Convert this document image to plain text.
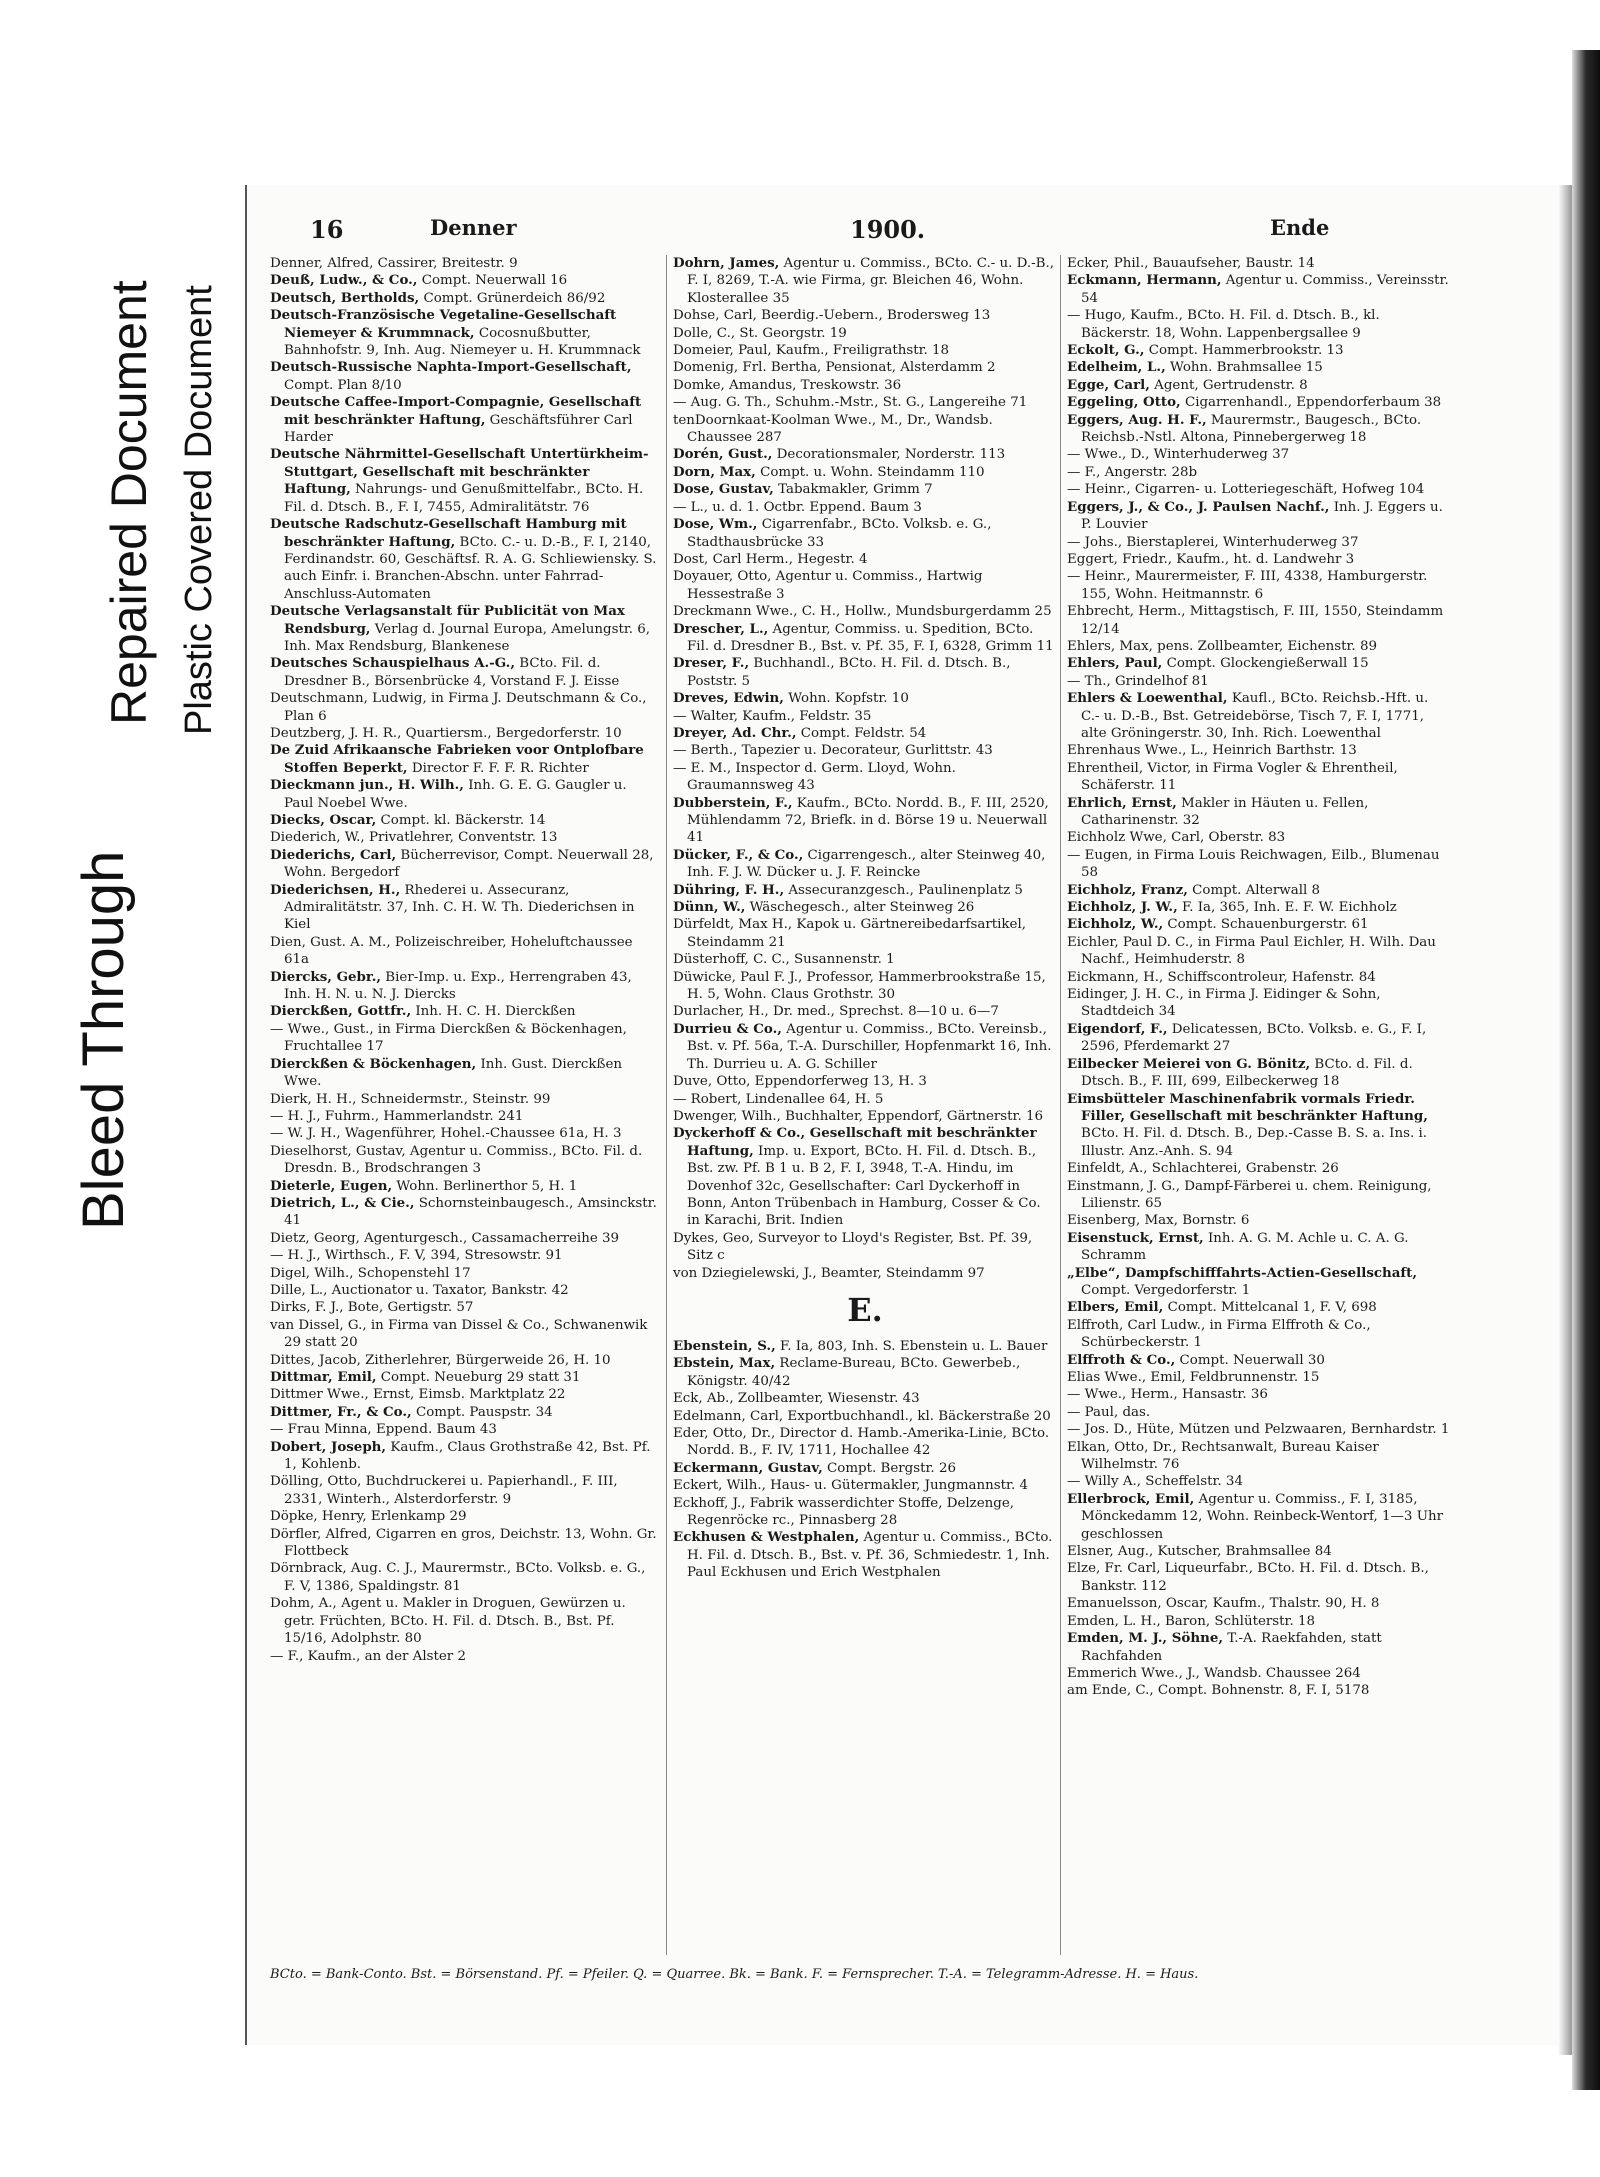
Bleed Through
Repaired Document Plastic Covered Document
16	Denner	1900.	Ende

Denner, Alfred, Cassirer, Breitestr. 9

Deuß, Ludw., & Co., Compt. Neuerwall 16

Deutsch, Bertholds, Compt. Grünerdeich 86/92

Deutsch-Französische Vegetaline-Gesellschaft Niemeyer & Krummnack, Cocosnußbutter, Bahnhofstr. 9, Inh. Aug. Niemeyer u. H. Krummnack

Deutsch-Russische Naphta-Import-Gesellschaft, Compt. Plan 8/10

Deutsche Caffee-Import-Compagnie, Gesellschaft mit beschränkter Haftung, Geschäftsführer Carl Harder

Deutsche Nährmittel-Gesellschaft Untertürkheim-Stuttgart, Gesellschaft mit beschränkter Haftung, Nahrungs- und Genußmittelfabr., BCto. H. Fil. d. Dtsch. B., F. I, 7455, Admiralitätstr. 76

Deutsche Radschutz-Gesellschaft Hamburg mit beschränkter Haftung, BCto. C.- u. D.-B., F. I, 2140, Ferdinandstr. 60, Geschäftsf. R. A. G. Schliewiensky. S. auch Einfr. i. Branchen-Abschn. unter Fahrrad-Anschluss-Automaten

Deutsche Verlagsanstalt für Publicität von Max Rendsburg, Verlag d. Journal Europa, Amelungstr. 6, Inh. Max Rendsburg, Blankenese

Deutsches Schauspielhaus A.-G., BCto. Fil. d. Dresdner B., Börsenbrücke 4, Vorstand F. J. Eisse

Deutschmann, Ludwig, in Firma J. Deutschmann & Co., Plan 6

Deutzberg, J. H. R., Quartiersm., Bergedorferstr. 10

De Zuid Afrikaansche Fabrieken voor Ontplofbare Stoffen Beperkt, Director F. F. F. R. Richter

Dieckmann jun., H. Wilh., Inh. G. E. G. Gaugler u. Paul Noebel Wwe.

Diecks, Oscar, Compt. kl. Bäckerstr. 14

Diederich, W., Privatlehrer, Conventstr. 13

Diederichs, Carl, Bücherrevisor, Compt. Neuerwall 28, Wohn. Bergedorf

Diederichsen, H., Rhederei u. Assecuranz, Admiralitätstr. 37, Inh. C. H. W. Th. Diederichsen in Kiel

Dien, Gust. A. M., Polizeischreiber, Hoheluftchaussee 61a

Diercks, Gebr., Bier-Imp. u. Exp., Herrengraben 43, Inh. H. N. u. N. J. Diercks

Dierckßen, Gottfr., Inh. H. C. H. Dierckßen

— Wwe., Gust., in Firma Dierckßen & Böckenhagen, Fruchtallee 17

Dierckßen & Böckenhagen, Inh. Gust. Dierckßen Wwe.

Dierk, H. H., Schneidermstr., Steinstr. 99

— H. J., Fuhrm., Hammerlandstr. 241

— W. J. H., Wagenführer, Hohel.-Chaussee 61a, H. 3

Dieselhorst, Gustav, Agentur u. Commiss., BCto. Fil. d. Dresdn. B., Brodschrangen 3

Dieterle, Eugen, Wohn. Berlinerthor 5, H. 1

Dietrich, L., & Cie., Schornsteinbaugesch., Amsinckstr. 41

Dietz, Georg, Agenturgesch., Cassamacherreihe 39

— H. J., Wirthsch., F. V, 394, Stresowstr. 91

Digel, Wilh., Schopenstehl 17

Dille, L., Auctionator u. Taxator, Bankstr. 42

Dirks, F. J., Bote, Gertigstr. 57

van Dissel, G., in Firma van Dissel & Co., Schwanenwik 29 statt 20

Dittes, Jacob, Zitherlehrer, Bürgerweide 26, H. 10

Dittmar, Emil, Compt. Neueburg 29 statt 31

Dittmer Wwe., Ernst, Eimsb. Marktplatz 22

Dittmer, Fr., & Co., Compt. Pauspstr. 34

— Frau Minna, Eppend. Baum 43

Dobert, Joseph, Kaufm., Claus Grothstraße 42, Bst. Pf. 1, Kohlenb.

Dölling, Otto, Buchdruckerei u. Papierhandl., F. III, 2331, Winterh., Alsterdorferstr. 9

Döpke, Henry, Erlenkamp 29

Dörfler, Alfred, Cigarren en gros, Deichstr. 13, Wohn. Gr. Flottbeck

Dörnbrack, Aug. C. J., Maurermstr., BCto. Volksb. e. G., F. V, 1386, Spaldingstr. 81

Dohm, A., Agent u. Makler in Droguen, Gewürzen u. getr. Früchten, BCto. H. Fil. d. Dtsch. B., Bst. Pf. 15/16, Adolphstr. 80

— F., Kaufm., an der Alster 2

Dohrn, James, Agentur u. Commiss., BCto. C.- u. D.-B., F. I, 8269, T.-A. wie Firma, gr. Bleichen 46, Wohn. Klosterallee 35

Dohse, Carl, Beerdig.-Uebern., Brodersweg 13

Dolle, C., St. Georgstr. 19

Domeier, Paul, Kaufm., Freiligrathstr. 18

Domenig, Frl. Bertha, Pensionat, Alsterdamm 2

Domke, Amandus, Treskowstr. 36

— Aug. G. Th., Schuhm.-Mstr., St. G., Langereihe 71

tenDoornkaat-Koolman Wwe., M., Dr., Wandsb. Chaussee 287

Dorén, Gust., Decorationsmaler, Norderstr. 113

Dorn, Max, Compt. u. Wohn. Steindamm 110

Dose, Gustav, Tabakmakler, Grimm 7

— L., u. d. 1. Octbr. Eppend. Baum 3

Dose, Wm., Cigarrenfabr., BCto. Volksb. e. G., Stadthausbrücke 33

Dost, Carl Herm., Hegestr. 4

Doyauer, Otto, Agentur u. Commiss., Hartwig Hessestraße 3

Dreckmann Wwe., C. H., Hollw., Mundsburgerdamm 25

Drescher, L., Agentur, Commiss. u. Spedition, BCto. Fil. d. Dresdner B., Bst. v. Pf. 35, F. I, 6328, Grimm 11

Dreser, F., Buchhandl., BCto. H. Fil. d. Dtsch. B., Poststr. 5

Dreves, Edwin, Wohn. Kopfstr. 10

— Walter, Kaufm., Feldstr. 35

Dreyer, Ad. Chr., Compt. Feldstr. 54

— Berth., Tapezier u. Decorateur, Gurlittstr. 43

— E. M., Inspector d. Germ. Lloyd, Wohn. Graumannsweg 43

Dubberstein, F., Kaufm., BCto. Nordd. B., F. III, 2520, Mühlendamm 72, Briefk. in d. Börse 19 u. Neuerwall 41

Dücker, F., & Co., Cigarrengesch., alter Steinweg 40, Inh. F. J. W. Dücker u. J. F. Reincke

Dühring, F. H., Assecuranzgesch., Paulinenplatz 5

Dünn, W., Wäschegesch., alter Steinweg 26

Dürfeldt, Max H., Kapok u. Gärtnereibedarfsartikel, Steindamm 21

Düsterhoff, C. C., Susannenstr. 1

Düwicke, Paul F. J., Professor, Hammerbrookstraße 15, H. 5, Wohn. Claus Grothstr. 30

Durlacher, H., Dr. med., Sprechst. 8—10 u. 6—7

Durrieu & Co., Agentur u. Commiss., BCto. Vereinsb., Bst. v. Pf. 56a, T.-A. Durschiller, Hopfenmarkt 16, Inh. Th. Durrieu u. A. G. Schiller

Duve, Otto, Eppendorferweg 13, H. 3

— Robert, Lindenallee 64, H. 5

Dwenger, Wilh., Buchhalter, Eppendorf, Gärtnerstr. 16

Dyckerhoff & Co., Gesellschaft mit beschränkter Haftung, Imp. u. Export, BCto. H. Fil. d. Dtsch. B., Bst. zw. Pf. B 1 u. B 2, F. I, 3948, T.-A. Hindu, im Dovenhof 32c, Gesellschafter: Carl Dyckerhoff in Bonn, Anton Trübenbach in Hamburg, Cosser & Co. in Karachi, Brit. Indien

Dykes, Geo, Surveyor to Lloyd's Register, Bst. Pf. 39, Sitz c

von Dziegielewski, J., Beamter, Steindamm 97

E.

Ebenstein, S., F. Ia, 803, Inh. S. Ebenstein u. L. Bauer

Ebstein, Max, Reclame-Bureau, BCto. Gewerbeb., Königstr. 40/42

Eck, Ab., Zollbeamter, Wiesenstr. 43

Edelmann, Carl, Exportbuchhandl., kl. Bäckerstraße 20

Eder, Otto, Dr., Director d. Hamb.-Amerika-Linie, BCto. Nordd. B., F. IV, 1711, Hochallee 42

Eckermann, Gustav, Compt. Bergstr. 26

Eckert, Wilh., Haus- u. Gütermakler, Jungmannstr. 4

Eckhoff, J., Fabrik wasserdichter Stoffe, Delzenge, Regenröcke rc., Pinnasberg 28

Eckhusen & Westphalen, Agentur u. Commiss., BCto. H. Fil. d. Dtsch. B., Bst. v. Pf. 36, Schmiedestr. 1, Inh. Paul Eckhusen und Erich Westphalen

Ecker, Phil., Bauaufseher, Baustr. 14

Eckmann, Hermann, Agentur u. Commiss., Vereinsstr. 54

— Hugo, Kaufm., BCto. H. Fil. d. Dtsch. B., kl. Bäckerstr. 18, Wohn. Lappenbergsallee 9

Eckolt, G., Compt. Hammerbrookstr. 13

Edelheim, L., Wohn. Brahmsallee 15

Egge, Carl, Agent, Gertrudenstr. 8

Eggeling, Otto, Cigarrenhandl., Eppendorferbaum 38

Eggers, Aug. H. F., Maurermstr., Baugesch., BCto. Reichsb.-Nstl. Altona, Pinnebergerweg 18

— Wwe., D., Winterhuderweg 37

— F., Angerstr. 28b

— Heinr., Cigarren- u. Lotteriegeschäft, Hofweg 104

Eggers, J., & Co., J. Paulsen Nachf., Inh. J. Eggers u. P. Louvier

— Johs., Bierstaplerei, Winterhuderweg 37

Eggert, Friedr., Kaufm., ht. d. Landwehr 3

— Heinr., Maurermeister, F. III, 4338, Hamburgerstr. 155, Wohn. Heitmannstr. 6

Ehbrecht, Herm., Mittagstisch, F. III, 1550, Steindamm 12/14

Ehlers, Max, pens. Zollbeamter, Eichenstr. 89

Ehlers, Paul, Compt. Glockengießerwall 15

— Th., Grindelhof 81

Ehlers & Loewenthal, Kaufl., BCto. Reichsb.-Hft. u. C.- u. D.-B., Bst. Getreidebörse, Tisch 7, F. I, 1771, alte Gröningerstr. 30, Inh. Rich. Loewenthal

Ehrenhaus Wwe., L., Heinrich Barthstr. 13

Ehrentheil, Victor, in Firma Vogler & Ehrentheil, Schäferstr. 11

Ehrlich, Ernst, Makler in Häuten u. Fellen, Catharinenstr. 32

Eichholz Wwe, Carl, Oberstr. 83

— Eugen, in Firma Louis Reichwagen, Eilb., Blumenau 58

Eichholz, Franz, Compt. Alterwall 8

Eichholz, J. W., F. Ia, 365, Inh. E. F. W. Eichholz

Eichholz, W., Compt. Schauenburgerstr. 61

Eichler, Paul D. C., in Firma Paul Eichler, H. Wilh. Dau Nachf., Heimhuderstr. 8

Eickmann, H., Schiffscontroleur, Hafenstr. 84

Eidinger, J. H. C., in Firma J. Eidinger & Sohn, Stadtdeich 34

Eigendorf, F., Delicatessen, BCto. Volksb. e. G., F. I, 2596, Pferdemarkt 27

Eilbecker Meierei von G. Bönitz, BCto. d. Fil. d. Dtsch. B., F. III, 699, Eilbeckerweg 18

Eimsbütteler Maschinenfabrik vormals Friedr. Filler, Gesellschaft mit beschränkter Haftung, BCto. H. Fil. d. Dtsch. B., Dep.-Casse B. S. a. Ins. i. Illustr. Anz.-Anh. S. 94

Einfeldt, A., Schlachterei, Grabenstr. 26

Einstmann, J. G., Dampf-Färberei u. chem. Reinigung, Lilienstr. 65

Eisenberg, Max, Bornstr. 6

Eisenstuck, Ernst, Inh. A. G. M. Achle u. C. A. G. Schramm

„Elbe“, Dampfschifffahrts-Actien-Gesellschaft, Compt. Vergedorferstr. 1

Elbers, Emil, Compt. Mittelcanal 1, F. V, 698

Elffroth, Carl Ludw., in Firma Elffroth & Co., Schürbeckerstr. 1

Elffroth & Co., Compt. Neuerwall 30

Elias Wwe., Emil, Feldbrunnenstr. 15

— Wwe., Herm., Hansastr. 36

— Paul, das.

— Jos. D., Hüte, Mützen und Pelzwaaren, Bernhardstr. 1

Elkan, Otto, Dr., Rechtsanwalt, Bureau Kaiser Wilhelmstr. 76

— Willy A., Scheffelstr. 34

Ellerbrock, Emil, Agentur u. Commiss., F. I, 3185, Mönckedamm 12, Wohn. Reinbeck-Wentorf, 1—3 Uhr geschlossen

Elsner, Aug., Kutscher, Brahmsallee 84

Elze, Fr. Carl, Liqueurfabr., BCto. H. Fil. d. Dtsch. B., Bankstr. 112

Emanuelsson, Oscar, Kaufm., Thalstr. 90, H. 8

Emden, L. H., Baron, Schlüterstr. 18

Emden, M. J., Söhne, T.-A. Raekfahden, statt Rachfahden

Emmerich Wwe., J., Wandsb. Chaussee 264

am Ende, C., Compt. Bohnenstr. 8, F. I, 5178

BCto. = Bank-Conto. Bst. = Börsenstand. Pf. = Pfeiler. Q. = Quarree. Bk. = Bank. F. = Fernsprecher. T.-A. = Telegramm-Adresse. H. = Haus.
